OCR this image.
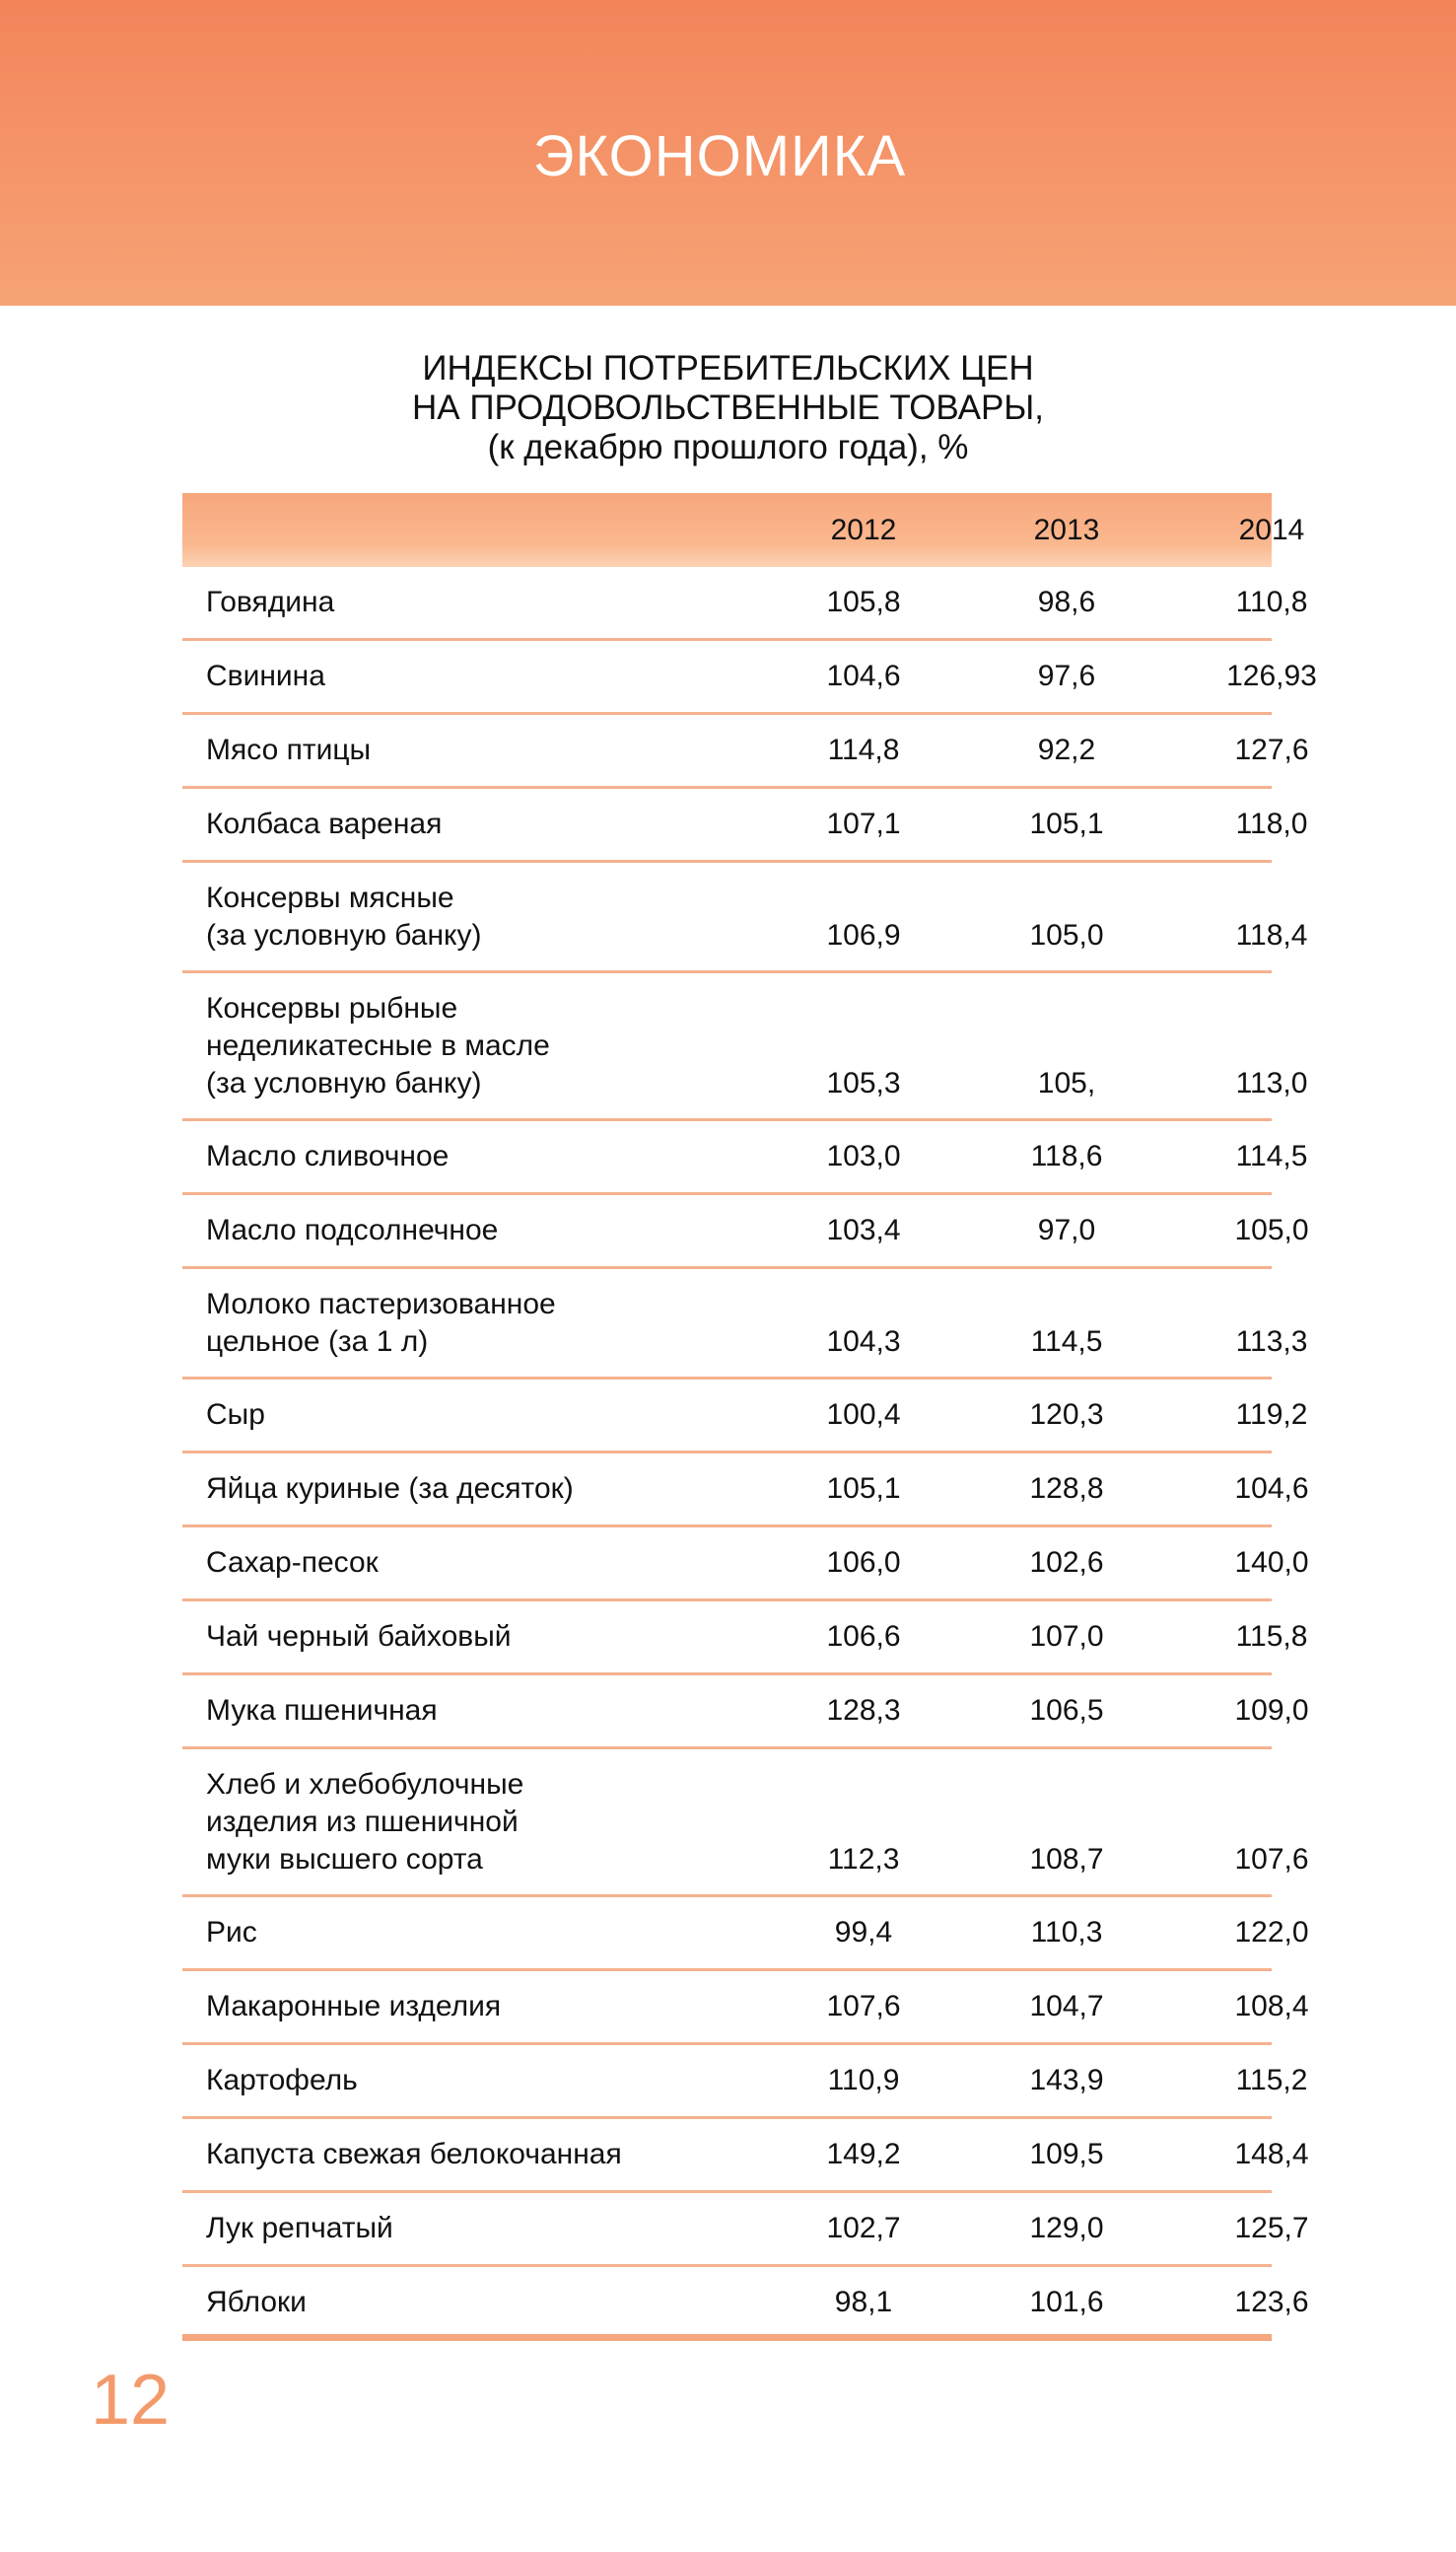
ЭКОНОМИКА
ИНДЕКСЫ ПОТРЕБИТЕЛЬСКИХ ЦЕН
НА ПРОДОВОЛЬСТВЕННЫЕ ТОВАРЫ,
(к декабрю прошлого года), %
2012	2013	2014
Говядина	105,8	98,6	110,8
Свинина	104,6	97,6	126,93
Мясо птицы	114,8	92,2	127,6
Колбаса вареная	107,1	105,1	118,0
Консервы мясные
(за условную банку)	106,9	105,0	118,4
Консервы рыбные
неделикатесные в масле
(за условную банку)	105,3	105,	113,0
Масло сливочное	103,0	118,6	114,5
Масло подсолнечное	103,4	97,0	105,0
Молоко пастеризованное
цельное (за 1 л)	104,3	114,5	113,3
Сыр	100,4	120,3	119,2
Яйца куриные (за десяток)	105,1	128,8	104,6
Сахар-песок	106,0	102,6	140,0
Чай черный байховый	106,6	107,0	115,8
Мука пшеничная	128,3	106,5	109,0
Хлеб и хлебобулочные
изделия из пшеничной
муки высшего сорта	112,3	108,7	107,6
Рис	99,4	110,3	122,0
Макаронные изделия	107,6	104,7	108,4
Картофель	110,9	143,9	115,2
Капуста свежая белокочанная	149,2	109,5	148,4
Лук репчатый	102,7	129,0	125,7
Яблоки	98,1	101,6	123,6
12
